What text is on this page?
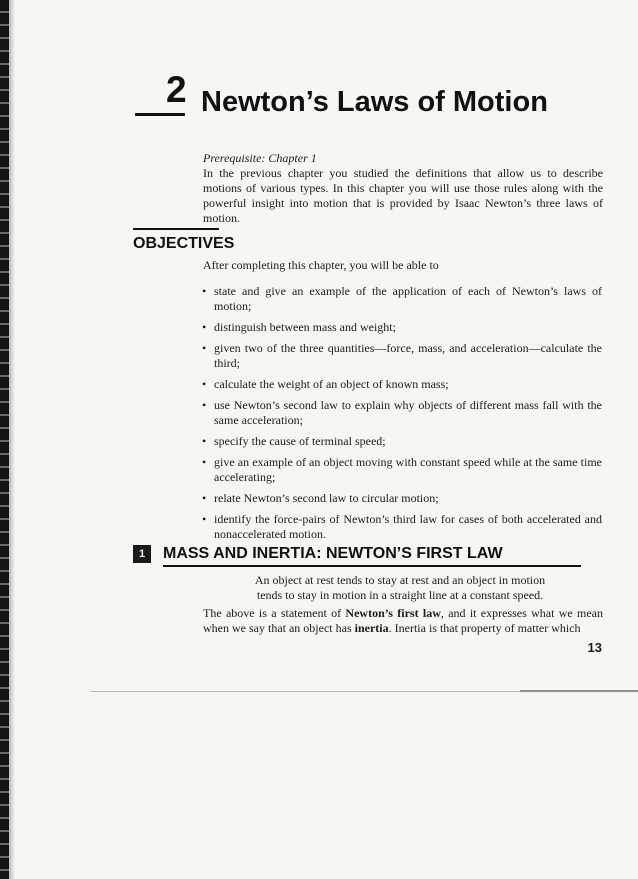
2 Newton’s Laws of Motion
Prerequisite: Chapter 1

In the previous chapter you studied the definitions that allow us to describe motions of various types. In this chapter you will use those rules along with the powerful insight into motion that is provided by Isaac Newton’s three laws of motion.

OBJECTIVES
After completing this chapter, you will be able to
• state and give an example of the application of each of Newton’s laws of motion;
• distinguish between mass and weight;
• given two of the three quantities—force, mass, and acceleration—calculate the third;
• calculate the weight of an object of known mass;
• use Newton’s second law to explain why objects of different mass fall with the same acceleration;
• specify the cause of terminal speed;
• give an example of an object moving with constant speed while at the same time accelerating;
• relate Newton’s second law to circular motion;
• identify the force-pairs of Newton’s third law for cases of both accelerated and nonaccelerated motion.
1	MASS AND INERTIA: NEWTON’S FIRST LAW
An object at rest tends to stay at rest and an object in motion
tends to stay in motion in a straight line at a constant speed.

The above is a statement of Newton’s first law, and it expresses what we mean when we say that an object has inertia. Inertia is that property of matter which

13
